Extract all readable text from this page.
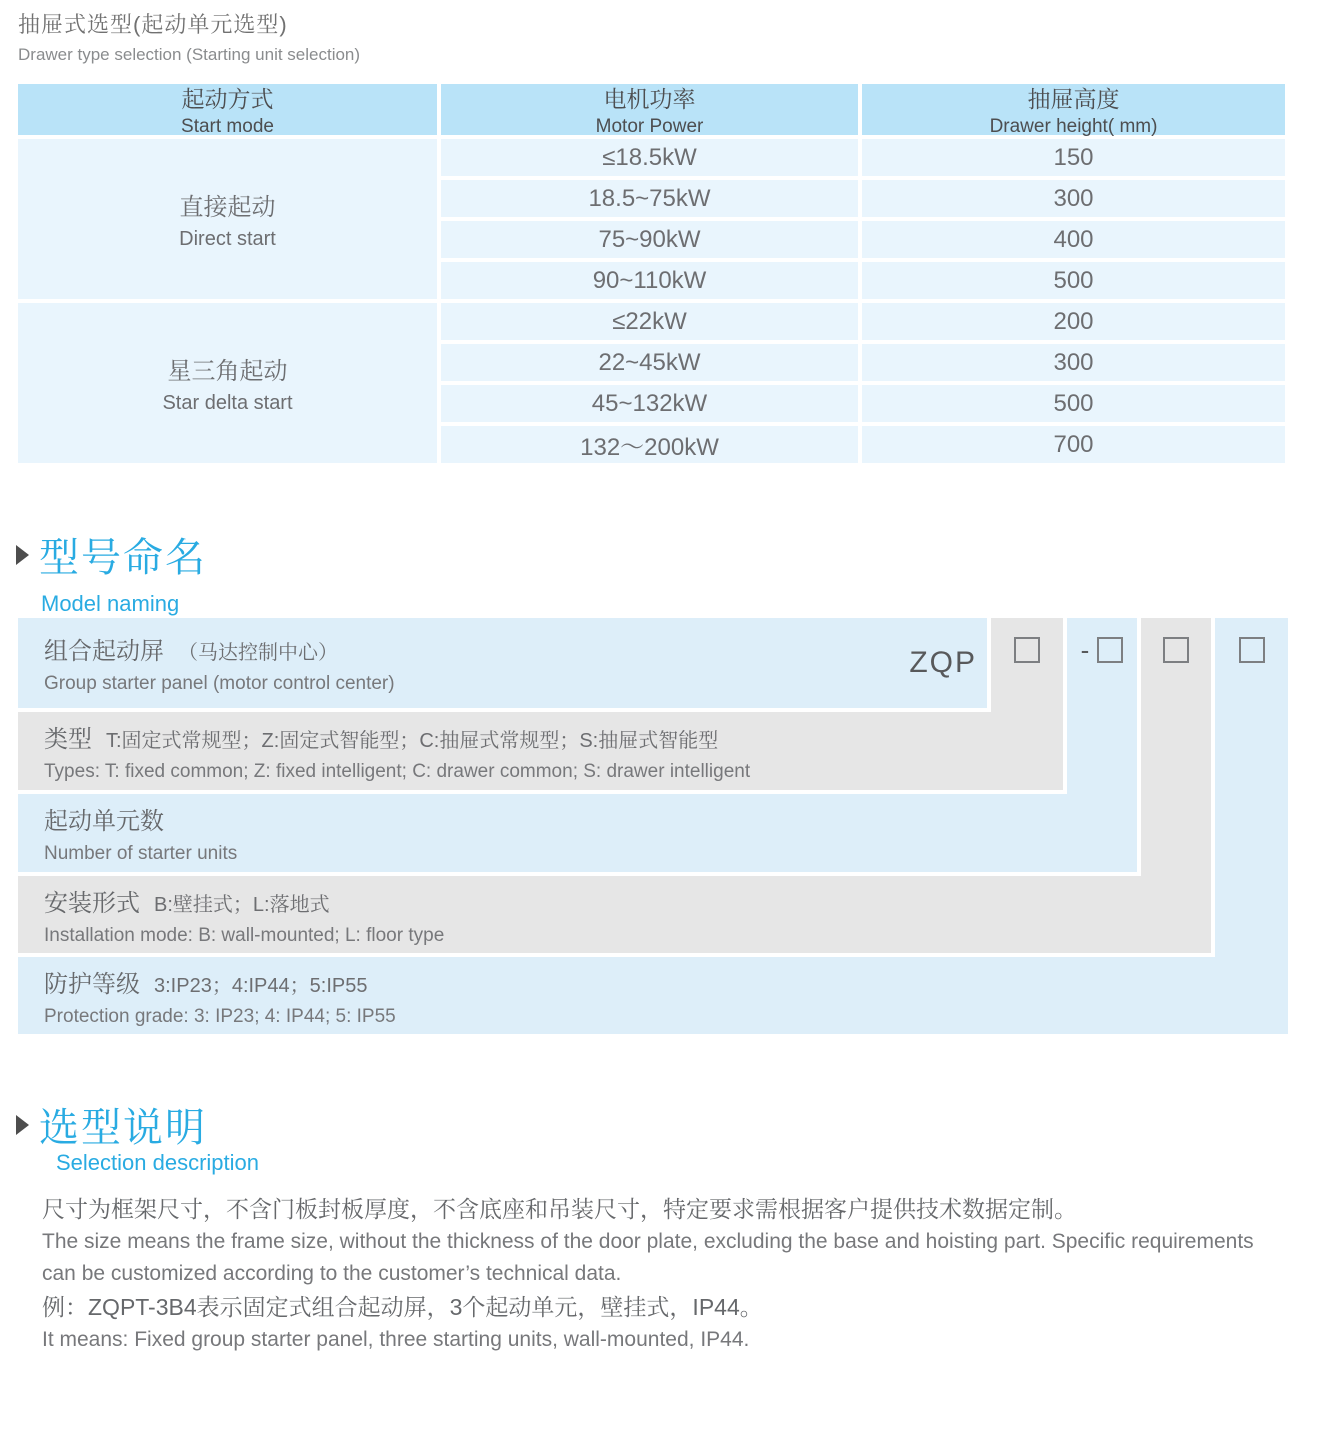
抽屉式选型(起动单元选型)
Drawer type selection (Starting unit selection)
起动方式
Start mode
电机功率
Motor Power
抽屉高度
Drawer height( mm)
直接起动
Direct start
星三角起动
Star delta start
≤18.5kW
18.5~75kW
75~90kW
90~110kW
≤22kW
22~45kW
45~132kW
132～200kW
150
300
400
500
200
300
500
700
型号命名
Model naming
组合起动屏 （马达控制中心）
Group starter panel (motor control center)
ZQP
类型 T:固定式常规型；Z:固定式智能型；C:抽屉式常规型；S:抽屉式智能型
Types: T: fixed common; Z: fixed intelligent; C: drawer common; S: drawer intelligent
起动单元数
Number of starter units
安装形式 B:壁挂式；L:落地式
Installation mode: B: wall-mounted; L: floor type
防护等级 3:IP23；4:IP44；5:IP55
Protection grade: 3: IP23; 4: IP44; 5: IP55
-
选型说明
Selection description
尺寸为框架尺寸，不含门板封板厚度，不含底座和吊装尺寸，特定要求需根据客户提供技术数据定制。
The size means the frame size, without the thickness of the door plate, excluding the base and hoisting part. Specific requirements can be customized according to the customer’s technical data.
例：ZQPT-3B4表示固定式组合起动屏，3个起动单元，壁挂式，IP44。
It means: Fixed group starter panel, three starting units, wall-mounted, IP44.
